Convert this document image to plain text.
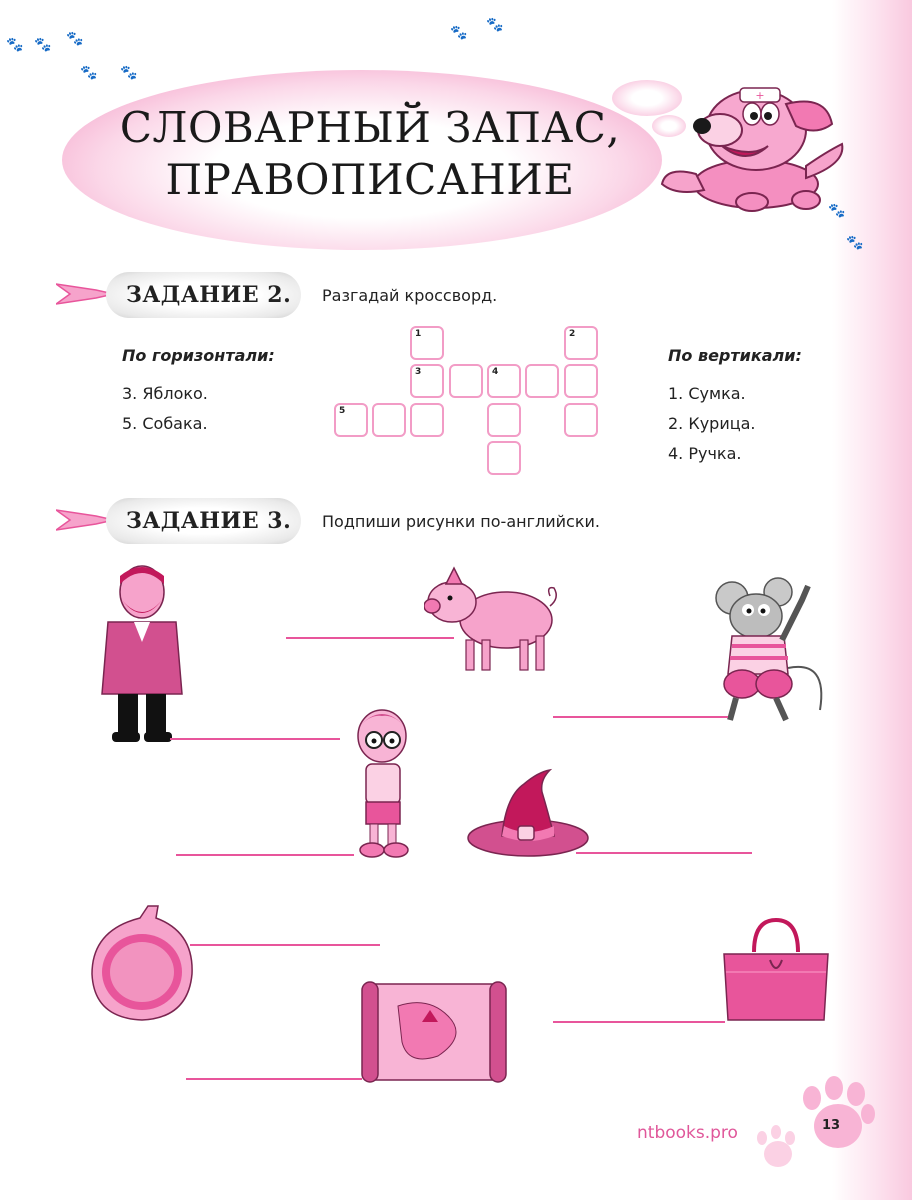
🐾 🐾 🐾
🐾 🐾
🐾 🐾
🐾
🐾
СЛОВАРНЫЙ ЗАПАС,
ПРАВОПИСАНИЕ
+
ЗАДАНИЕ 2. Разгадай кроссворд.
По горизонтали:
3. Яблоко.
5. Собака.
По вертикали:
1. Сумка.
2. Курица.
4. Ручка.
1	2
3	4
5
ЗАДАНИЕ 3. Подпиши рисунки по-английски.
ntbooks.pro	13
